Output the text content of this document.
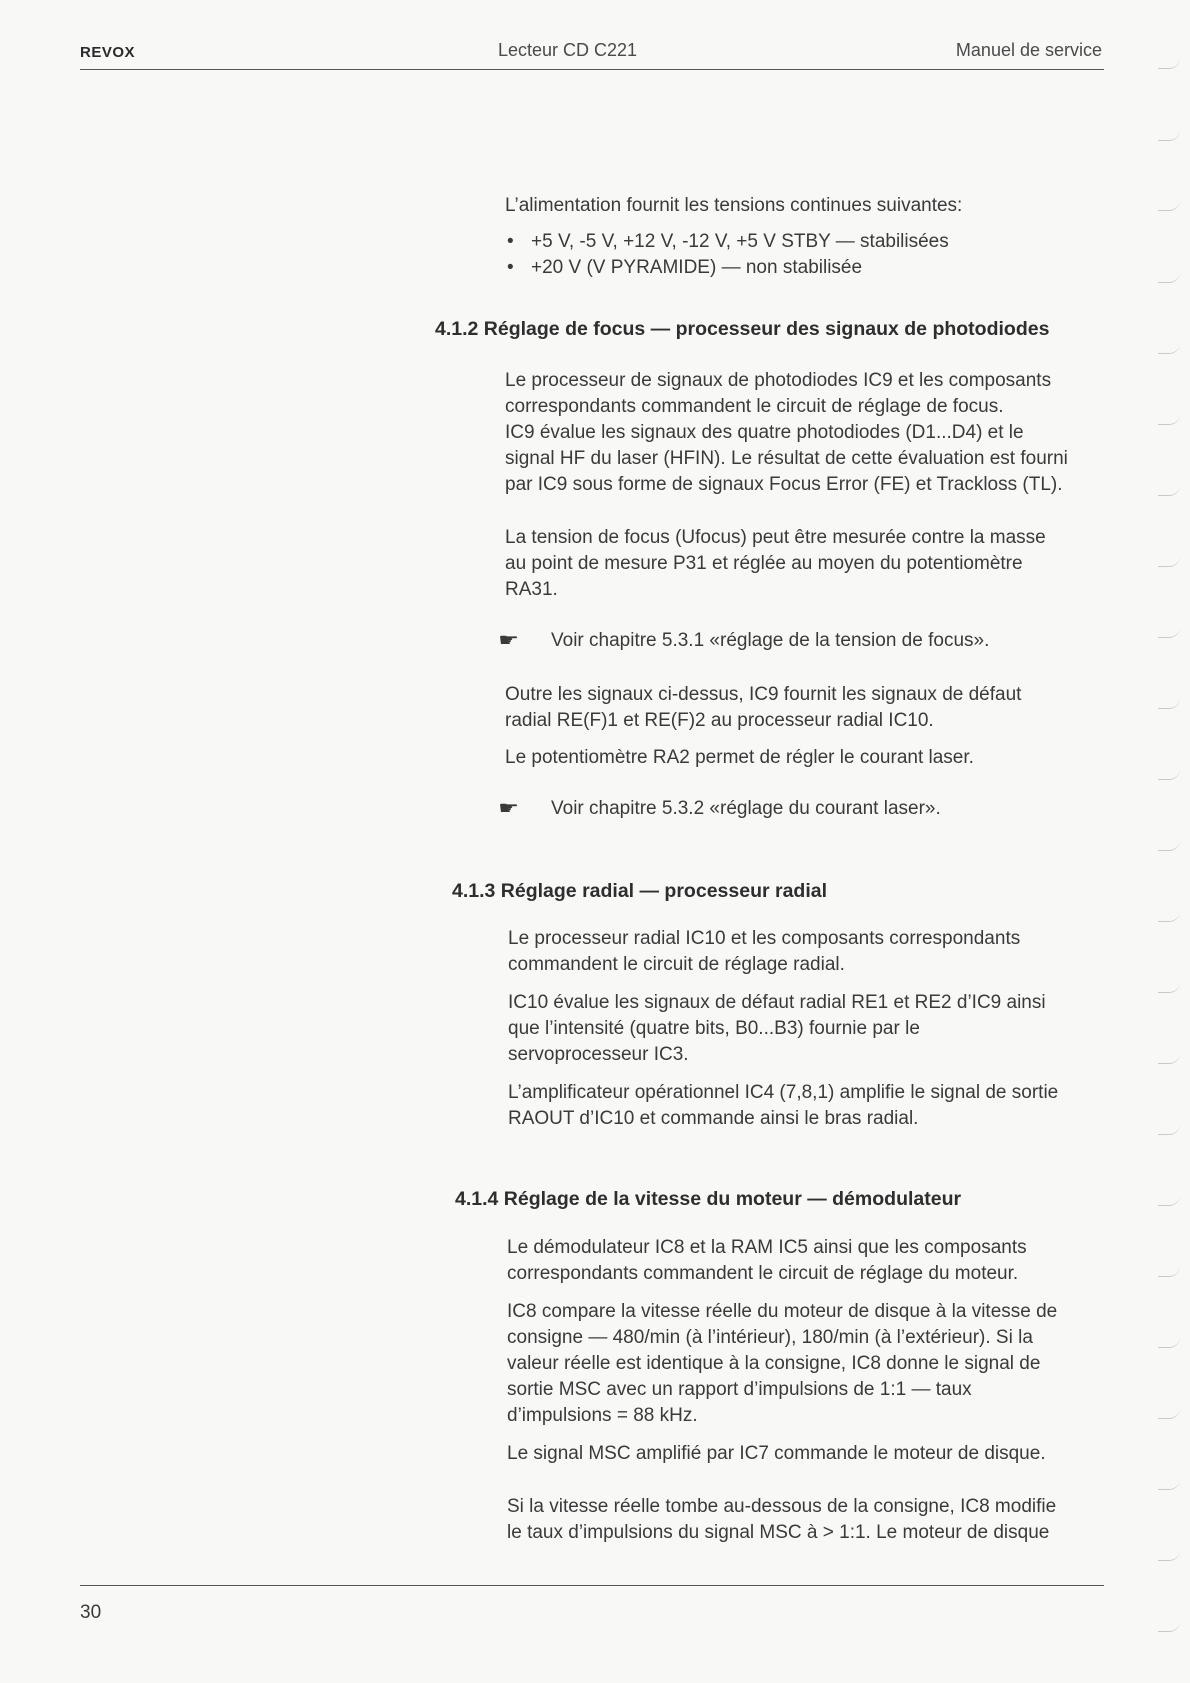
REVOX	Lecteur CD C221	Manuel de service

L’alimentation fournit les tensions continues suivantes:

• +5 V, -5 V, +12 V, -12 V, +5 V STBY — stabilisées
• +20 V (V PYRAMIDE) — non stabilisée
4.1.2 Réglage de focus — processeur des signaux de photodiodes

Le processeur de signaux de photodiodes IC9 et les composants

correspondants commandent le circuit de réglage de focus.

IC9 évalue les signaux des quatre photodiodes (D1...D4) et le

signal HF du laser (HFIN). Le résultat de cette évaluation est fourni

par IC9 sous forme de signaux Focus Error (FE) et Trackloss (TL).

La tension de focus (Ufocus) peut être mesurée contre la masse

au point de mesure P31 et réglée au moyen du potentiomètre

RA31.

☛ Voir chapitre 5.3.1 «réglage de la tension de focus».

Outre les signaux ci-dessus, IC9 fournit les signaux de défaut

radial RE(F)1 et RE(F)2 au processeur radial IC10.

Le potentiomètre RA2 permet de régler le courant laser.

☛ Voir chapitre 5.3.2 «réglage du courant laser».
4.1.3 Réglage radial — processeur radial

Le processeur radial IC10 et les composants correspondants

commandent le circuit de réglage radial.

IC10 évalue les signaux de défaut radial RE1 et RE2 d’IC9 ainsi

que l’intensité (quatre bits, B0...B3) fournie par le

servoprocesseur IC3.

L’amplificateur opérationnel IC4 (7,8,1) amplifie le signal de sortie

RAOUT d’IC10 et commande ainsi le bras radial.

4.1.4 Réglage de la vitesse du moteur — démodulateur

Le démodulateur IC8 et la RAM IC5 ainsi que les composants

correspondants commandent le circuit de réglage du moteur.

IC8 compare la vitesse réelle du moteur de disque à la vitesse de

consigne — 480/min (à l’intérieur), 180/min (à l’extérieur). Si la

valeur réelle est identique à la consigne, IC8 donne le signal de

sortie MSC avec un rapport d’impulsions de 1:1 — taux

d’impulsions = 88 kHz.

Le signal MSC amplifié par IC7 commande le moteur de disque.

Si la vitesse réelle tombe au-dessous de la consigne, IC8 modifie

le taux d’impulsions du signal MSC à > 1:1. Le moteur de disque

30
